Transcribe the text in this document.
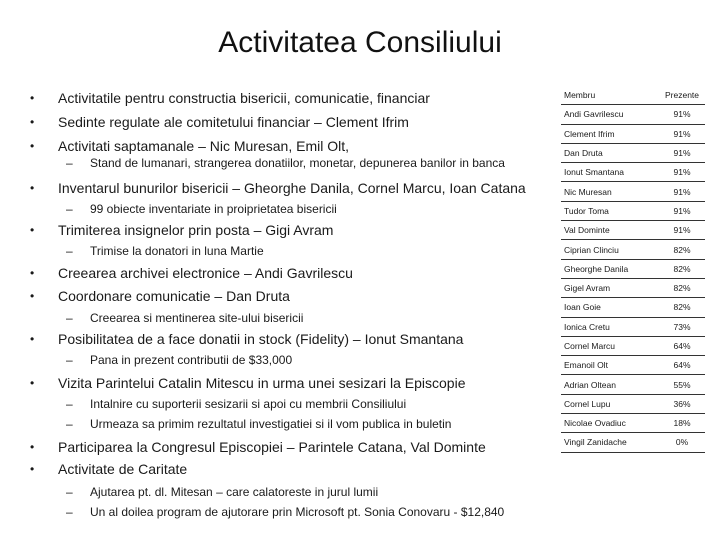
Activitatea Consiliului
• Activitatile pentru constructia bisericii, comunicatie, financiar
• Sedinte regulate ale comitetului financiar – Clement Ifrim
• Activitati saptamanale – Nic Muresan, Emil Olt,
– Stand de lumanari, strangerea donatiilor, monetar, depunerea banilor in banca
• Inventarul bunurilor bisericii – Gheorghe Danila, Cornel Marcu, Ioan Catana
– 99 obiecte inventariate in proiprietatea bisericii
• Trimiterea insignelor prin posta – Gigi Avram
– Trimise la donatori in luna Martie
• Creearea archivei electronice – Andi Gavrilescu
• Coordonare comunicatie – Dan Druta
– Creearea si mentinerea site-ului bisericii
• Posibilitatea de a face donatii in stock (Fidelity) – Ionut Smantana
– Pana in prezent contributii de $33,000
• Vizita Parintelui Catalin Mitescu in urma unei sesizari la Episcopie
– Intalnire cu suporterii sesizarii si apoi cu membrii Consiliului
– Urmeaza sa primim rezultatul investigatiei si il vom publica in buletin
• Participarea la Congresul Episcopiei – Parintele Catana, Val Dominte
• Activitate de Caritate
– Ajutarea pt. dl. Mitesan – care calatoreste in jurul lumii
– Un al doilea program de ajutorare prin Microsoft pt. Sonia Conovaru - $12,840
Membru	Prezente
Andi Gavrilescu	91%
Clement Ifrim	91%
Dan Druta	91%
Ionut Smantana	91%
Nic Muresan	91%
Tudor Toma	91%
Val Dominte	91%
Ciprian Clinciu	82%
Gheorghe Danila	82%
Gigel Avram	82%
Ioan Goie	82%
Ionica Cretu	73%
Cornel Marcu	64%
Emanoil Olt	64%
Adrian Oltean	55%
Cornel Lupu	36%
Nicolae Ovadiuc	18%
Vingil Zanidache	0%
